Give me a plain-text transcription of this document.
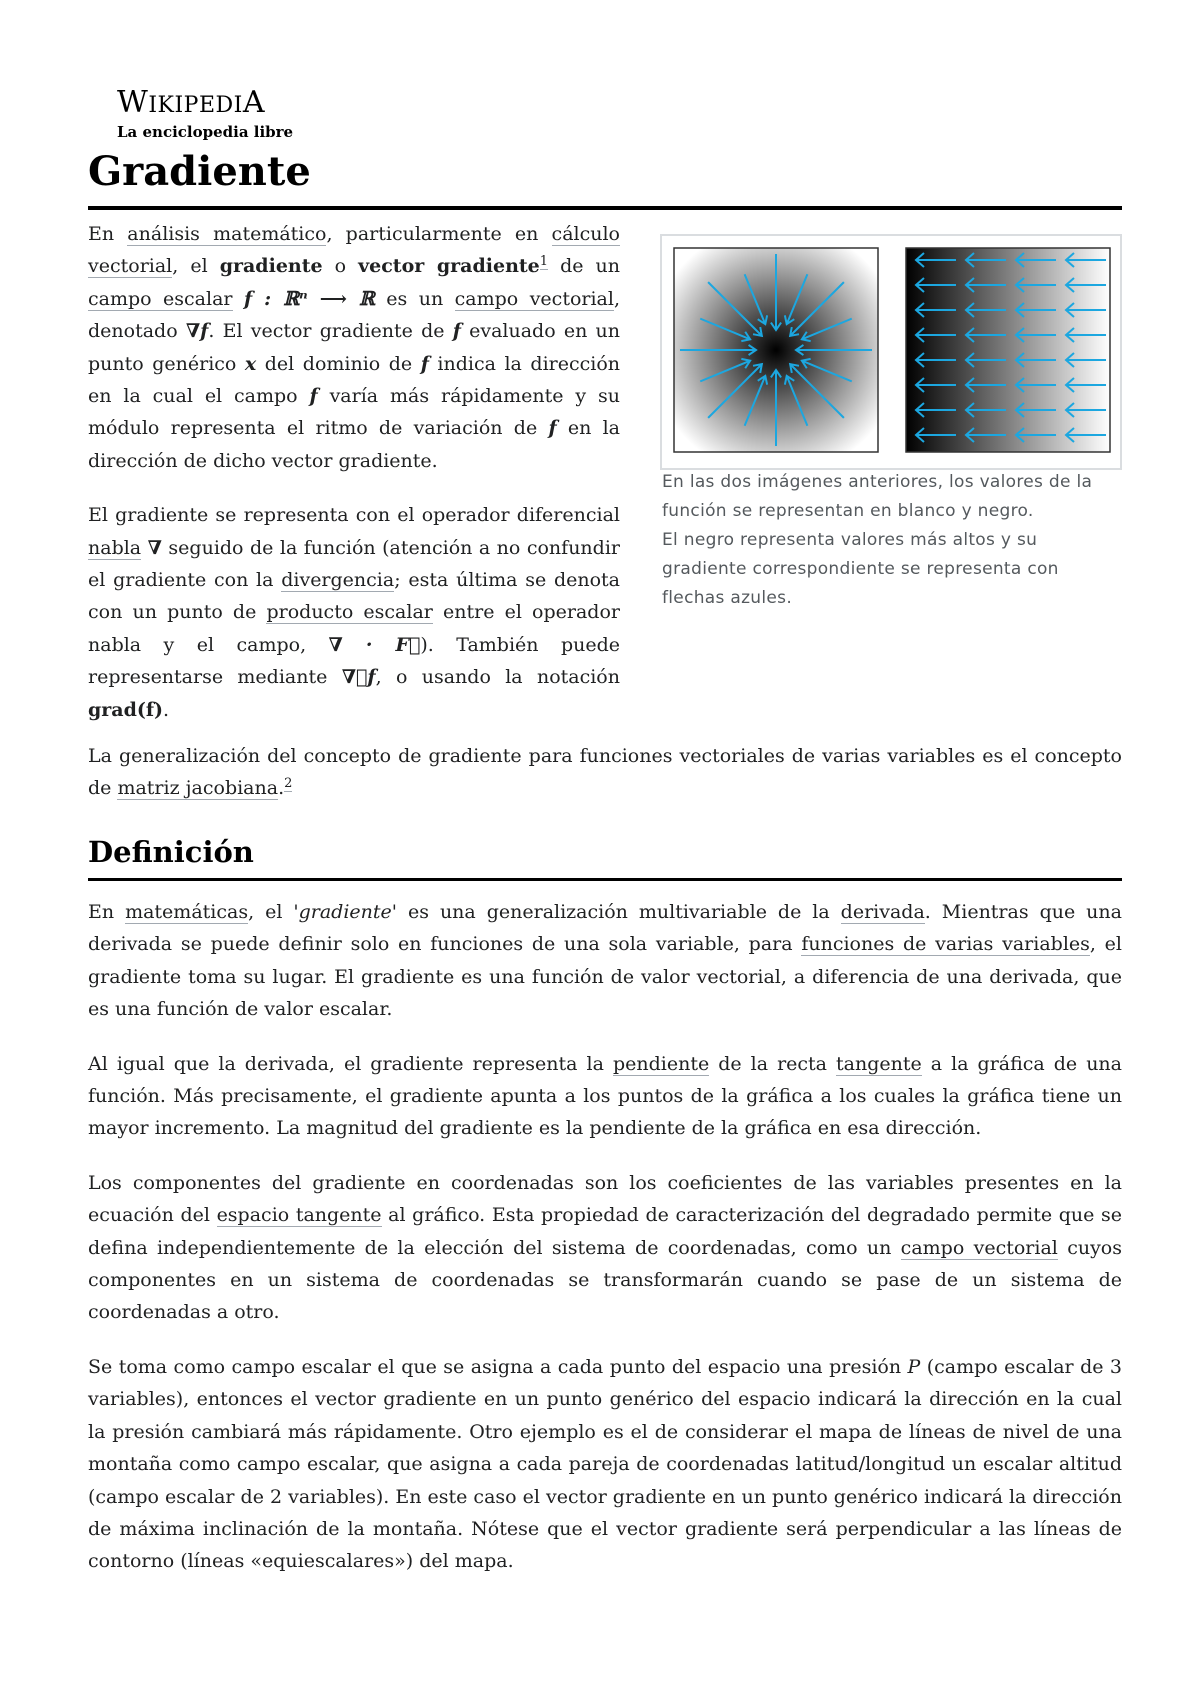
WIKIPEDIA
La enciclopedia libre
Gradiente

En análisis matemático, particularmente en cálculo vectorial, el gradiente o vector gradiente$^1$ de un campo escalar f : ℝⁿ ⟶ ℝ es un campo vectorial, denotado ∇f. El vector gradiente de f evaluado en un punto genérico x del dominio de f indica la dirección en la cual el campo f varía más rápidamente y su módulo representa el ritmo de variación de f en la dirección de dicho vector gradiente.

El gradiente se representa con el operador diferencial nabla ∇ seguido de la función (atención a no confundir el gradiente con la divergencia; esta última se denota con un punto de producto escalar entre el operador nabla y el campo, ∇ · F⃗). También puede representarse mediante ∇⃗f, o usando la notación grad(f).

En las dos imágenes anteriores, los valores de la función se representan en blanco y negro.

El negro representa valores más altos y su gradiente correspondiente se representa con flechas azules.

La generalización del concepto de gradiente para funciones vectoriales de varias variables es el concepto de matriz jacobiana.$^2$

Definición

En matemáticas, el 'gradiente' es una generalización multivariable de la derivada. Mientras que una derivada se puede definir solo en funciones de una sola variable, para funciones de varias variables, el gradiente toma su lugar. El gradiente es una función de valor vectorial, a diferencia de una derivada, que es una función de valor escalar.

Al igual que la derivada, el gradiente representa la pendiente de la recta tangente a la gráfica de una función. Más precisamente, el gradiente apunta a los puntos de la gráfica a los cuales la gráfica tiene un mayor incremento. La magnitud del gradiente es la pendiente de la gráfica en esa dirección.

Los componentes del gradiente en coordenadas son los coeficientes de las variables presentes en la ecuación del espacio tangente al gráfico. Esta propiedad de caracterización del degradado permite que se defina independientemente de la elección del sistema de coordenadas, como un campo vectorial cuyos componentes en un sistema de coordenadas se transformarán cuando se pase de un sistema de coordenadas a otro.

Se toma como campo escalar el que se asigna a cada punto del espacio una presión P (campo escalar de 3 variables), entonces el vector gradiente en un punto genérico del espacio indicará la dirección en la cual la presión cambiará más rápidamente. Otro ejemplo es el de considerar el mapa de líneas de nivel de una montaña como campo escalar, que asigna a cada pareja de coordenadas latitud/longitud un escalar altitud (campo escalar de 2 variables). En este caso el vector gradiente en un punto genérico indicará la dirección de máxima inclinación de la montaña. Nótese que el vector gradiente será perpendicular a las líneas de contorno (líneas «equiescalares») del mapa.
